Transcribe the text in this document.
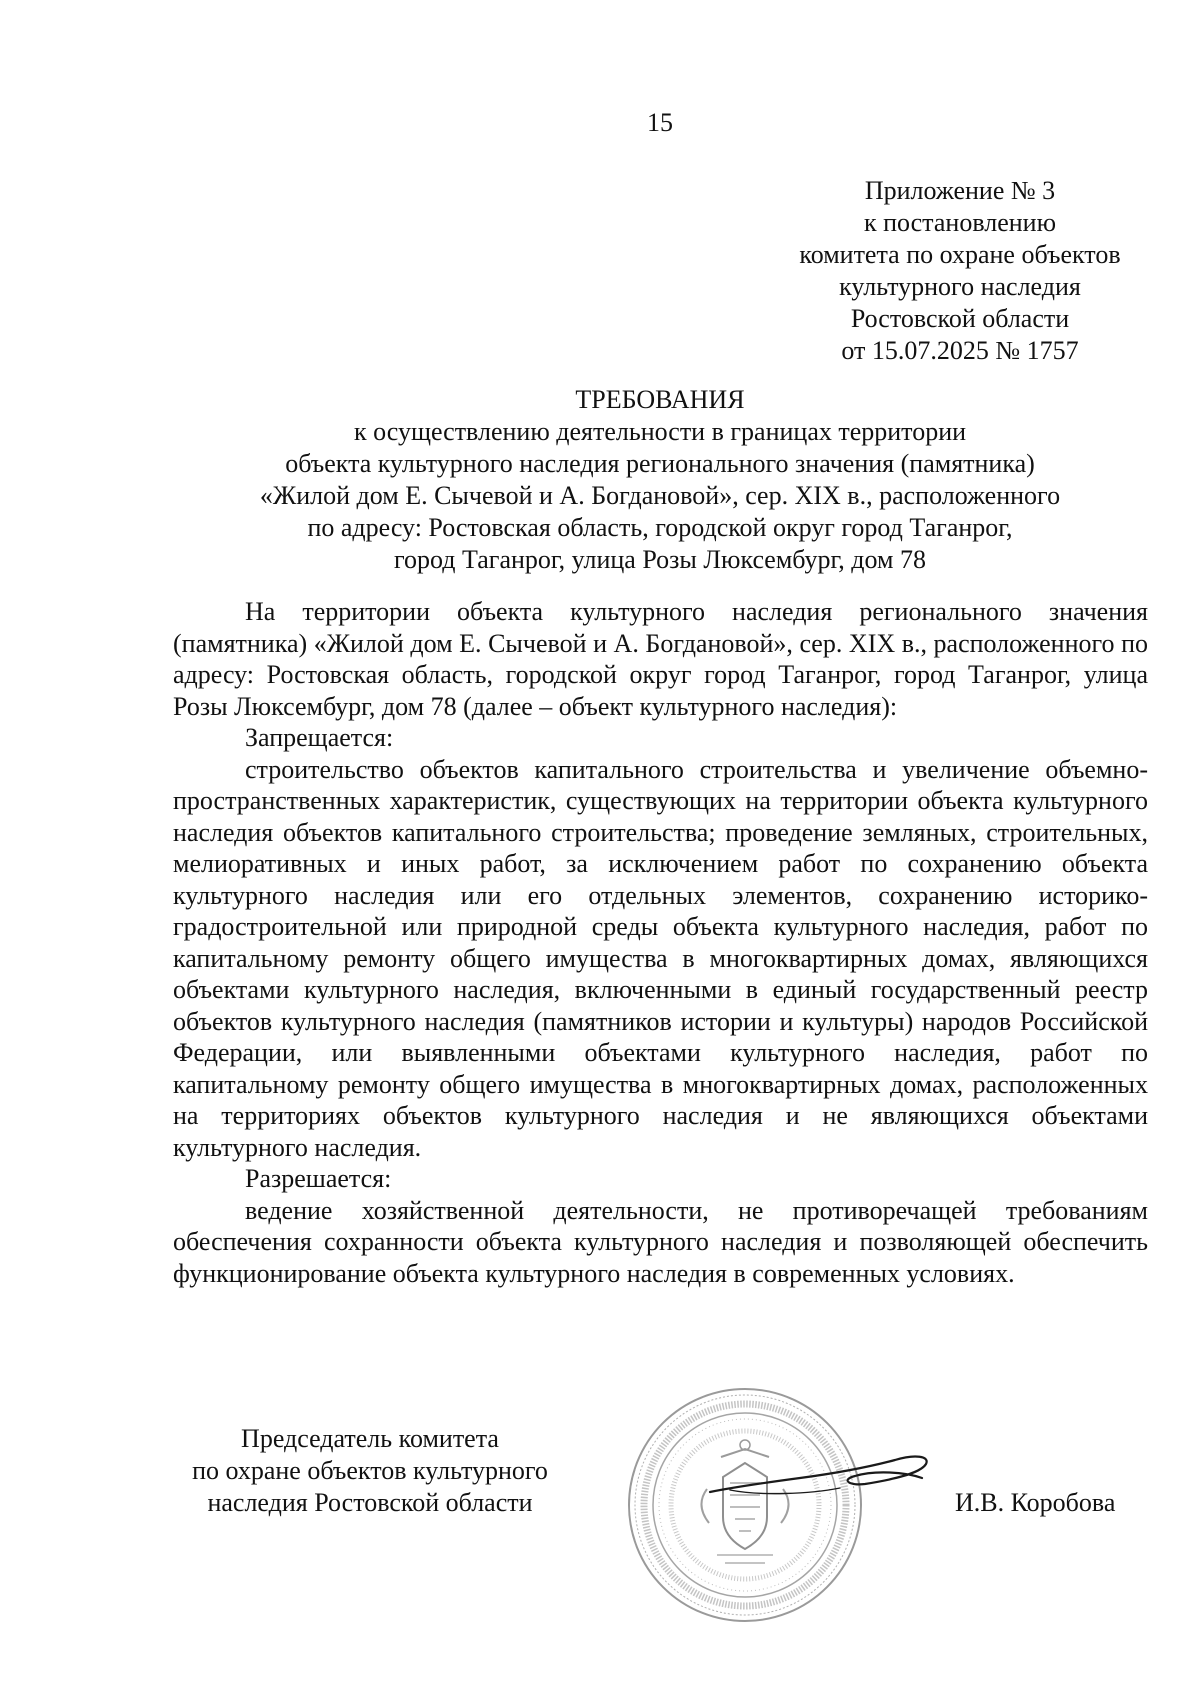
15
Приложение № 3
к постановлению
комитета по охране объектов
культурного наследия
Ростовской области
от 15.07.2025 № 1757
ТРЕБОВАНИЯ
к осуществлению деятельности в границах территории
объекта культурного наследия регионального значения (памятника)
«Жилой дом Е. Сычевой и А. Богдановой», сер. XIX в., расположенного
по адресу: Ростовская область, городской округ город Таганрог,
город Таганрог, улица Розы Люксембург, дом 78

На территории объекта культурного наследия регионального значения (памятника) «Жилой дом Е. Сычевой и А. Богдановой», сер. XIX в., расположенного по адресу: Ростовская область, городской округ город Таганрог, город Таганрог, улица Розы Люксембург, дом 78 (далее – объект культурного наследия):

Запрещается:

строительство объектов капитального строительства и увеличение объемно-пространственных характеристик, существующих на территории объекта культурного наследия объектов капитального строительства; проведение земляных, строительных, мелиоративных и иных работ, за исключением работ по сохранению объекта культурного наследия или его отдельных элементов, сохранению историко-градостроительной или природной среды объекта культурного наследия, работ по капитальному ремонту общего имущества в многоквартирных домах, являющихся объектами культурного наследия, включенными в единый государственный реестр объектов культурного наследия (памятников истории и культуры) народов Российской Федерации, или выявленными объектами культурного наследия, работ по капитальному ремонту общего имущества в многоквартирных домах, расположенных на территориях объектов культурного наследия и не являющихся объектами культурного наследия.

Разрешается:

ведение хозяйственной деятельности, не противоречащей требованиям обеспечения сохранности объекта культурного наследия и позволяющей обеспечить функционирование объекта культурного наследия в современных условиях.

Председатель комитета
по охране объектов культурного
наследия Ростовской области	И.В. Коробова
